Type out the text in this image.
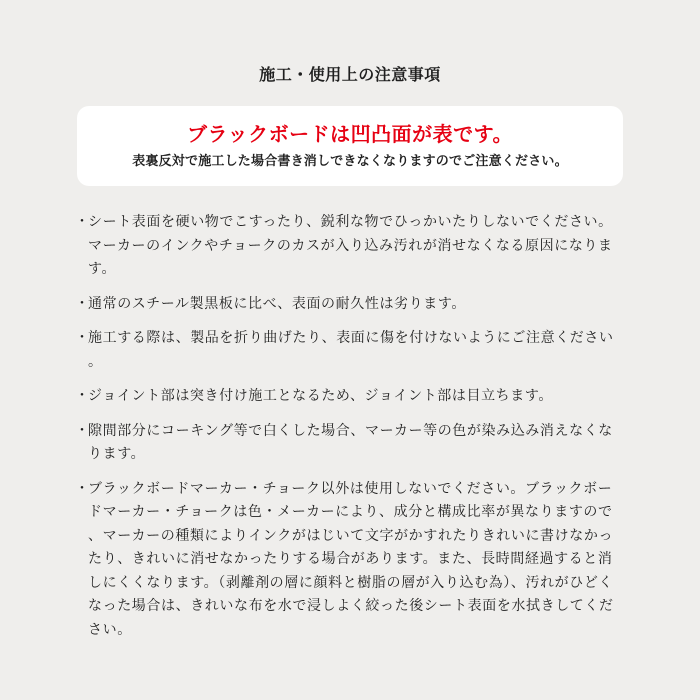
施工・使用上の注意事項
ブラックボードは凹凸面が表です。
表裏反対で施工した場合書き消しできなくなりますのでご注意ください。
・
シート表面を硬い物でこすったり、鋭利な物でひっかいたりしないでください。マーカーのインクやチョークのカスが入り込み汚れが消せなくなる原因になります。
・
通常のスチール製黒板に比べ、表面の耐久性は劣ります。
・
施工する際は、製品を折り曲げたり、表面に傷を付けないようにご注意ください。
・
ジョイント部は突き付け施工となるため、ジョイント部は目立ちます。
・
隙間部分にコーキング等で白くした場合、マーカー等の色が染み込み消えなくなります。
・
ブラックボードマーカー・チョーク以外は使用しないでください。ブラックボードマーカー・チョークは色・メーカーにより、成分と構成比率が異なりますので、マーカーの種類によりインクがはじいて文字がかすれたりきれいに書けなかったり、きれいに消せなかったりする場合があります。また、長時間経過すると消しにくくなります。（剥離剤の層に顔料と樹脂の層が入り込む為）、汚れがひどくなった場合は、きれいな布を水で浸しよく絞った後シート表面を水拭きしてください。
